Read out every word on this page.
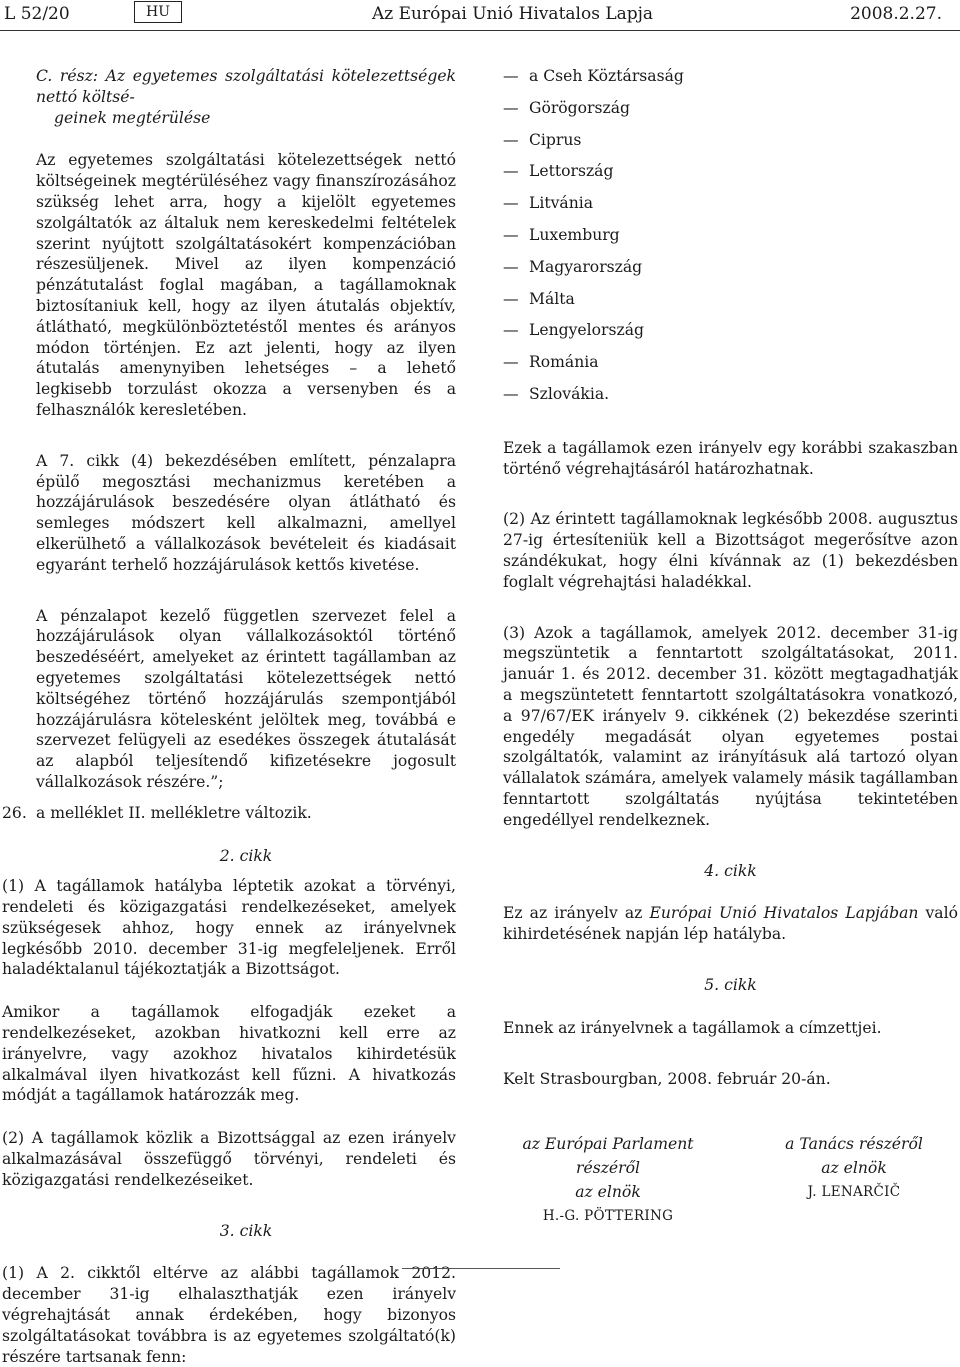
L 52/20	HU	Az Európai Unió Hivatalos Lapja	2008.2.27.

C. rész: Az egyetemes szolgáltatási kötelezettségek nettó költsé-
geinek megtérülése

Az egyetemes szolgáltatási kötelezettségek nettó költségeinek megtérüléséhez vagy finanszírozásához szükség lehet arra, hogy a kijelölt egyetemes szolgáltatók az általuk nem kereskedelmi feltételek szerint nyújtott szolgáltatásokért kompenzációban részesüljenek. Mivel az ilyen kompenzáció pénzátutalást foglal magában, a tagállamoknak biztosítaniuk kell, hogy az ilyen átutalás objektív, átlátható, megkülönböztetéstől mentes és arányos módon történjen. Ez azt jelenti, hogy az ilyen átutalás amenynyiben lehetséges – a lehető legkisebb torzulást okozza a versenyben és a felhasználók keresletében.

A 7. cikk (4) bekezdésében említett, pénzalapra épülő megosztási mechanizmus keretében a hozzájárulások beszedésére olyan átlátható és semleges módszert kell alkalmazni, amellyel elkerülhető a vállalkozások bevételeit és kiadásait egyaránt terhelő hozzájárulások kettős kivetése.

A pénzalapot kezelő független szervezet felel a hozzájárulások olyan vállalkozásoktól történő beszedéséért, amelyeket az érintett tagállamban az egyetemes szolgáltatási kötelezettségek nettó költségéhez történő hozzájárulás szempontjából hozzájárulásra kötelesként jelöltek meg, továbbá e szervezet felügyeli az esedékes összegek átutalását az alapból teljesítendő kifizetésekre jogosult vállalkozások részére.”;

26. a melléklet II. mellékletre változik.

2. cikk

(1) A tagállamok hatályba léptetik azokat a törvényi, rendeleti és közigazgatási rendelkezéseket, amelyek szükségesek ahhoz, hogy ennek az irányelvnek legkésőbb 2010. december 31-ig megfeleljenek. Erről haladéktalanul tájékoztatják a Bizottságot.

Amikor a tagállamok elfogadják ezeket a rendelkezéseket, azokban hivatkozni kell erre az irányelvre, vagy azokhoz hivatalos kihirdetésük alkalmával ilyen hivatkozást kell fűzni. A hivatkozás módját a tagállamok határozzák meg.

(2) A tagállamok közlik a Bizottsággal az ezen irányelv alkalmazásával összefüggő törvényi, rendeleti és közigazgatási rendelkezéseiket.

3. cikk

(1) A 2. cikktől eltérve az alábbi tagállamok 2012. december 31-ig elhalaszthatják ezen irányelv végrehajtását annak érdekében, hogy bizonyos szolgáltatásokat továbbra is az egyetemes szolgáltató(k) részére tartsanak fenn:

— a Cseh Köztársaság
— Görögország
— Ciprus
— Lettország
— Litvánia
— Luxemburg
— Magyarország
— Málta
— Lengyelország
— Románia
— Szlovákia.

Ezek a tagállamok ezen irányelv egy korábbi szakaszban történő végrehajtásáról határozhatnak.

(2) Az érintett tagállamoknak legkésőbb 2008. augusztus 27-ig értesíteniük kell a Bizottságot megerősítve azon szándékukat, hogy élni kívánnak az (1) bekezdésben foglalt végrehajtási haladékkal.

(3) Azok a tagállamok, amelyek 2012. december 31-ig megszüntetik a fenntartott szolgáltatásokat, 2011. január 1. és 2012. december 31. között megtagadhatják a megszüntetett fenntartott szolgáltatásokra vonatkozó, a 97/67/EK irányelv 9. cikkének (2) bekezdése szerinti engedély megadását olyan egyetemes postai szolgáltatók, valamint az irányításuk alá tartozó olyan vállalatok számára, amelyek valamely másik tagállamban fenntartott szolgáltatás nyújtása tekintetében engedéllyel rendelkeznek.

4. cikk

Ez az irányelv az Európai Unió Hivatalos Lapjában való kihirdetésének napján lép hatályba.

5. cikk

Ennek az irányelvnek a tagállamok a címzettjei.

Kelt Strasbourgban, 2008. február 20-án.

az Európai Parlament részéről
az elnök
H.-G. PÖTTERING
a Tanács részéről
az elnök
J. LENARČIČ
